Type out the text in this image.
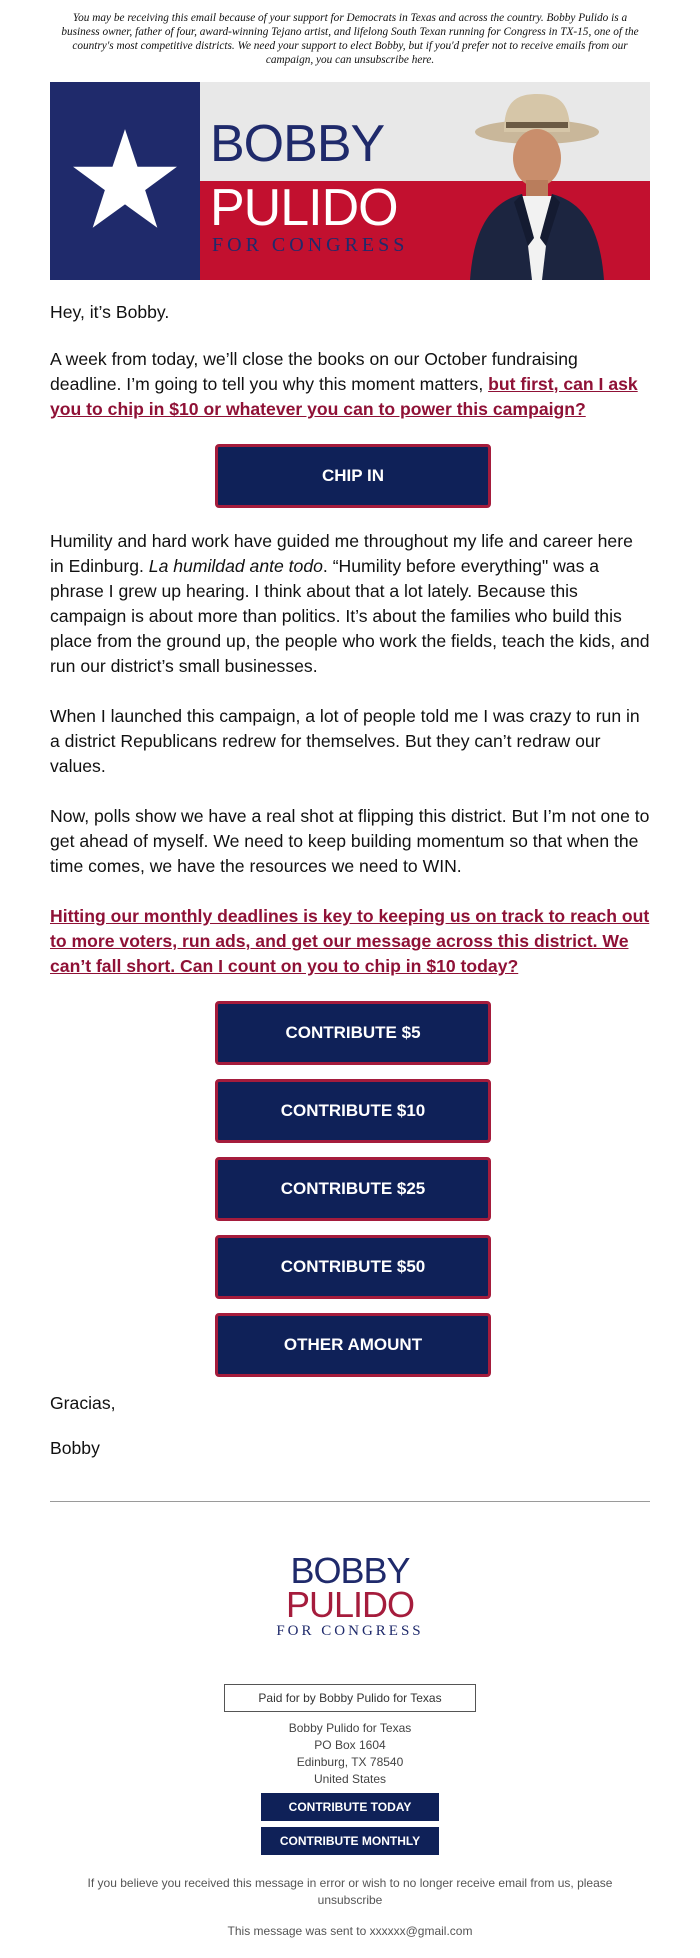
You may be receiving this email because of your support for Democrats in Texas and across the country. Bobby Pulido is a business owner, father of four, award-winning Tejano artist, and lifelong South Texan running for Congress in TX-15, one of the country's most competitive districts. We need your support to elect Bobby, but if you'd prefer not to receive emails from our campaign, you can unsubscribe here.
BOBBY
PULIDO
FOR CONGRESS

Hey, it’s Bobby.

A week from today, we’ll close the books on our October fundraising deadline. I’m going to tell you why this moment matters, but first, can I ask you to chip in $10 or whatever you can to power this campaign?

CHIP IN

Humility and hard work have guided me throughout my life and career here in Edinburg. La humildad ante todo. “Humility before everything" was a phrase I grew up hearing. I think about that a lot lately. Because this campaign is about more than politics. It’s about the families who build this place from the ground up, the people who work the fields, teach the kids, and run our district’s small businesses.

When I launched this campaign, a lot of people told me I was crazy to run in a district Republicans redrew for themselves. But they can’t redraw our values.

Now, polls show we have a real shot at flipping this district. But I’m not one to get ahead of myself. We need to keep building momentum so that when the time comes, we have the resources we need to WIN.

Hitting our monthly deadlines is key to keeping us on track to reach out to more voters, run ads, and get our message across this district. We can’t fall short. Can I count on you to chip in $10 today?

CONTRIBUTE $5
CONTRIBUTE $10
CONTRIBUTE $25
CONTRIBUTE $50
OTHER AMOUNT

Gracias,

Bobby

BOBBY
PULIDO
FOR CONGRESS
Paid for by Bobby Pulido for Texas
Bobby Pulido for Texas
PO Box 1604
Edinburg, TX 78540
United States
CONTRIBUTE TODAY
CONTRIBUTE MONTHLY
If you believe you received this message in error or wish to no longer receive email from us, please
unsubscribe
This message was sent to xxxxxx@gmail.com
